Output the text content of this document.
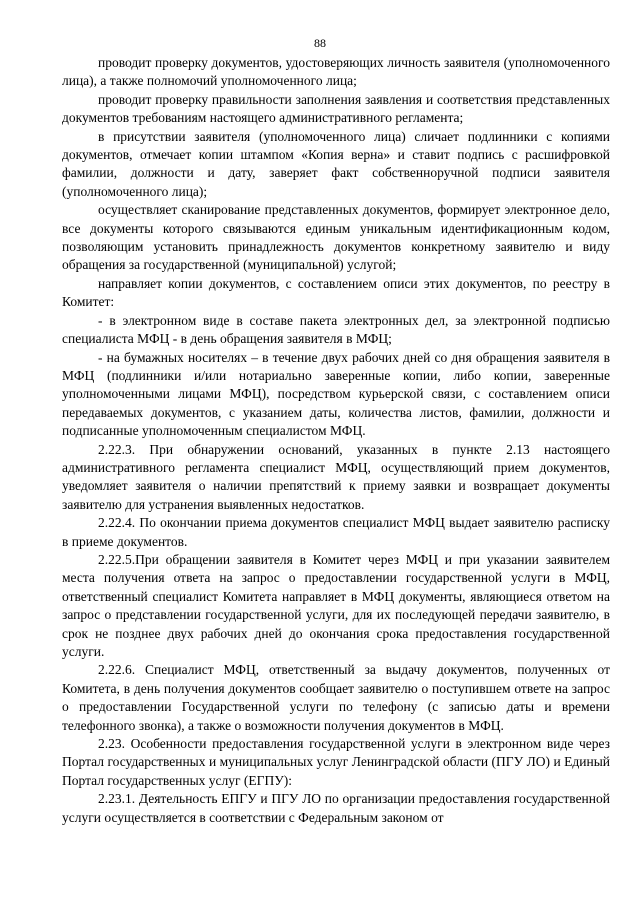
88

проводит проверку документов, удостоверяющих личность заявителя (уполномоченного лица), а также полномочий уполномоченного лица;

проводит проверку правильности заполнения заявления и соответствия представленных документов требованиям настоящего административного регламента;

в присутствии заявителя (уполномоченного лица) сличает подлинники с копиями документов, отмечает копии штампом «Копия верна» и ставит подпись с расшифровкой фамилии, должности и дату, заверяет факт собственноручной подписи заявителя (уполномоченного лица);

осуществляет сканирование представленных документов, формирует электронное дело, все документы которого связываются единым уникальным идентификационным кодом, позволяющим установить принадлежность документов конкретному заявителю и виду обращения за государственной (муниципальной) услугой;

направляет копии документов, с составлением описи этих документов, по реестру в Комитет:

- в электронном виде в составе пакета электронных дел, за электронной подписью специалиста МФЦ - в день обращения заявителя в МФЦ;

- на бумажных носителях – в течение двух рабочих дней со дня обращения заявителя в МФЦ (подлинники и/или нотариально заверенные копии, либо копии, заверенные уполномоченными лицами МФЦ), посредством курьерской связи, с составлением описи передаваемых документов, с указанием даты, количества листов, фамилии, должности и подписанные уполномоченным специалистом МФЦ.

2.22.3. При обнаружении оснований, указанных в пункте 2.13 настоящего административного регламента специалист МФЦ, осуществляющий прием документов, уведомляет заявителя о наличии препятствий к приему заявки и возвращает документы заявителю для устранения выявленных недостатков.

2.22.4. По окончании приема документов специалист МФЦ выдает заявителю расписку в приеме документов.

2.22.5.При обращении заявителя в Комитет через МФЦ и при указании заявителем места получения ответа на запрос о предоставлении государственной услуги в МФЦ, ответственный специалист Комитета направляет в МФЦ документы, являющиеся ответом на запрос о представлении государственной услуги, для их последующей передачи заявителю, в срок не позднее двух рабочих дней до окончания срока предоставления государственной услуги.

2.22.6. Специалист МФЦ, ответственный за выдачу документов, полученных от Комитета, в день получения документов сообщает заявителю о поступившем ответе на запрос о предоставлении Государственной услуги по телефону (с записью даты и времени телефонного звонка), а также о возможности получения документов в МФЦ.

2.23. Особенности предоставления государственной услуги в электронном виде через Портал государственных и муниципальных услуг Ленинградской области (ПГУ ЛО) и Единый Портал государственных услуг (ЕГПУ):

2.23.1. Деятельность ЕПГУ и ПГУ ЛО по организации предоставления государственной услуги осуществляется в соответствии с Федеральным законом от
